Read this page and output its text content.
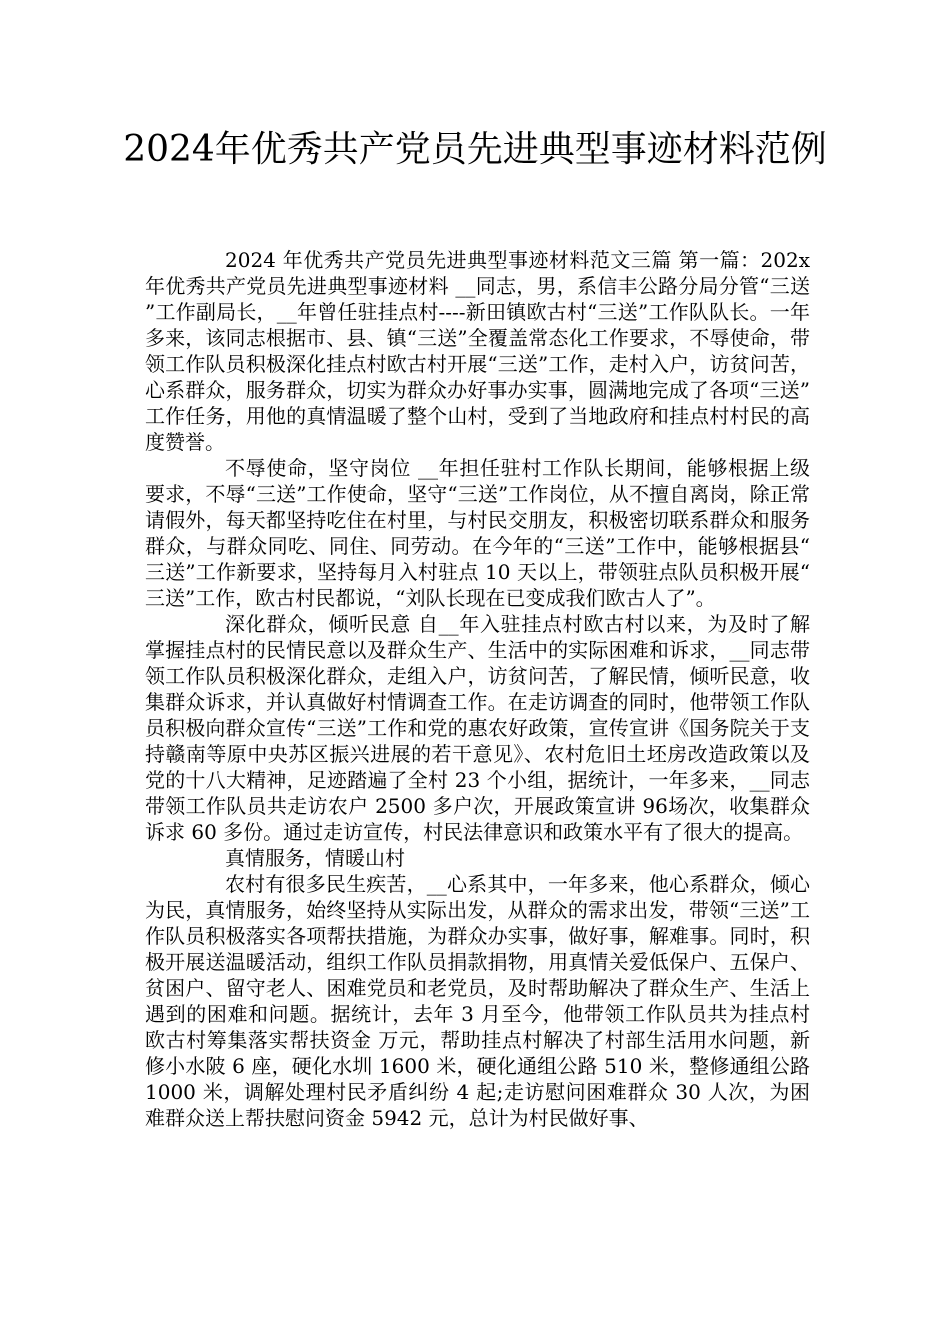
2024年优秀共产党员先进典型事迹材料范例

2024 年优秀共产党员先进典型事迹材料范文三篇 第一篇：202x 年优秀共产党员先进典型事迹材料 __同志，男，系信丰公路分局分管“三送”工作副局长，__年曾任驻挂点村----新田镇欧古村“三送”工作队队长。一年多来，该同志根据市、县、镇“三送”全覆盖常态化工作要求，不辱使命，带领工作队员积极深化挂点村欧古村开展“三送”工作，走村入户，访贫问苦，心系群众，服务群众，切实为群众办好事办实事，圆满地完成了各项“三送”工作任务，用他的真情温暖了整个山村，受到了当地政府和挂点村村民的高度赞誉。

不辱使命，坚守岗位 __年担任驻村工作队长期间，能够根据上级要求，不辱“三送”工作使命，坚守“三送”工作岗位，从不擅自离岗，除正常请假外，每天都坚持吃住在村里，与村民交朋友，积极密切联系群众和服务群众，与群众同吃、同住、同劳动。在今年的“三送”工作中，能够根据县“三送”工作新要求，坚持每月入村驻点 10 天以上，带领驻点队员积极开展“三送”工作，欧古村民都说，“刘队长现在已变成我们欧古人了”。

深化群众，倾听民意 自__年入驻挂点村欧古村以来，为及时了解掌握挂点村的民情民意以及群众生产、生活中的实际困难和诉求，__同志带领工作队员积极深化群众，走组入户，访贫问苦，了解民情，倾听民意，收集群众诉求，并认真做好村情调查工作。在走访调查的同时，他带领工作队员积极向群众宣传“三送”工作和党的惠农好政策，宣传宣讲《国务院关于支持赣南等原中央苏区振兴进展的若干意见》、农村危旧土坯房改造政策以及党的十八大精神，足迹踏遍了全村 23 个小组，据统计，一年多来，__同志带领工作队员共走访农户 2500 多户次，开展政策宣讲 96场次，收集群众诉求 60 多份。通过走访宣传，村民法律意识和政策水平有了很大的提高。

真情服务，情暖山村

农村有很多民生疾苦，__心系其中，一年多来，他心系群众，倾心为民，真情服务，始终坚持从实际出发，从群众的需求出发，带领“三送”工作队员积极落实各项帮扶措施，为群众办实事，做好事，解难事。同时，积极开展送温暖活动，组织工作队员捐款捐物，用真情关爱低保户、五保户、贫困户、留守老人、困难党员和老党员，及时帮助解决了群众生产、生活上遇到的困难和问题。据统计，去年 3 月至今，他带领工作队员共为挂点村欧古村筹集落实帮扶资金 万元，帮助挂点村解决了村部生活用水问题，新修小水陂 6 座，硬化水圳 1600 米，硬化通组公路 510 米，整修通组公路 1000 米，调解处理村民矛盾纠纷 4 起;走访慰问困难群众 30 人次，为困难群众送上帮扶慰问资金 5942 元，总计为村民做好事、
